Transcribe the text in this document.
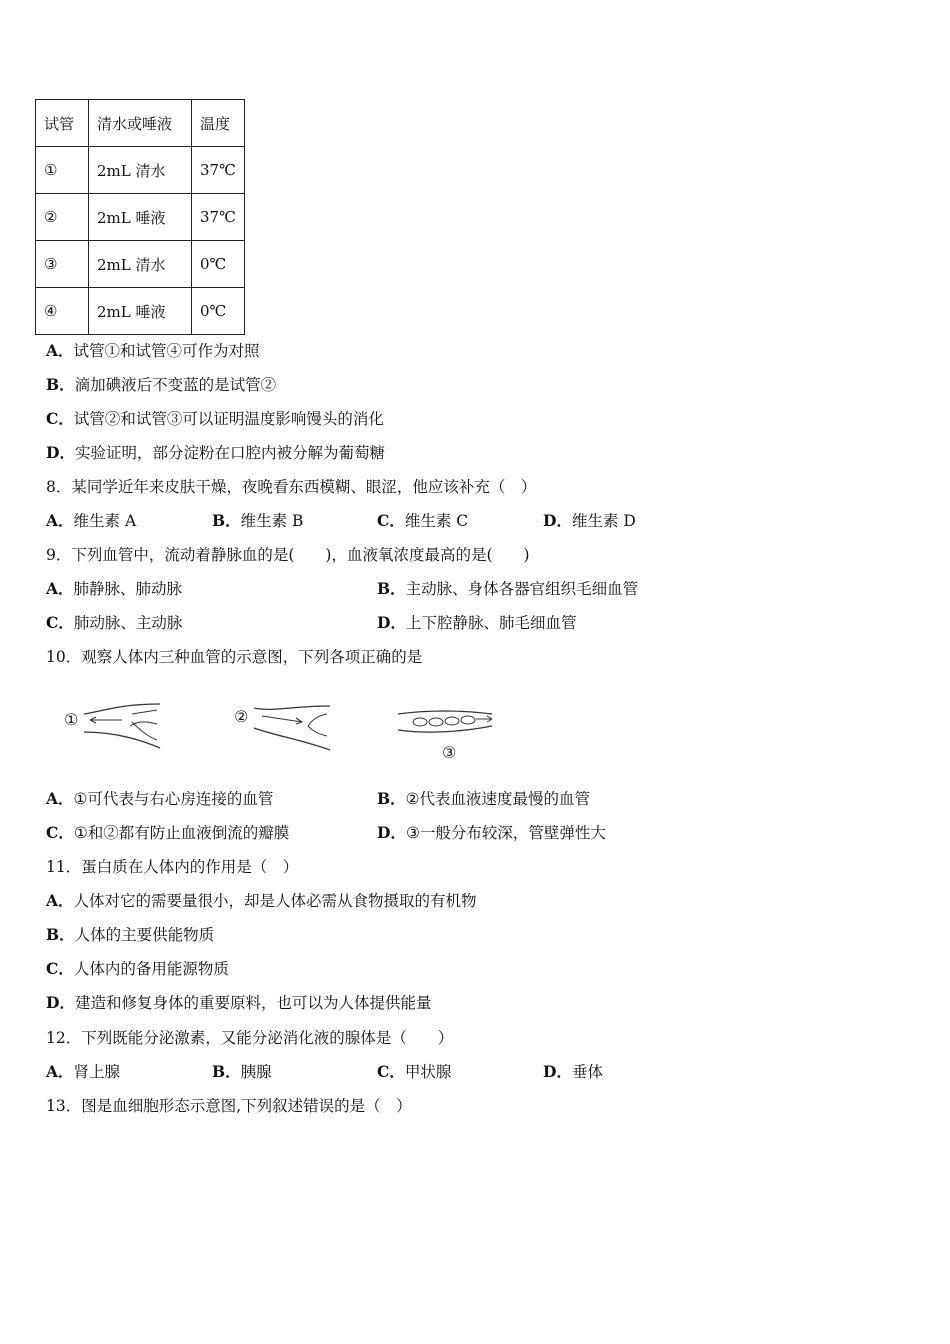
试管	清水或唾液	温度
①	2mL 清水	37℃
②	2mL 唾液	37℃
③	2mL 清水	0℃
④	2mL 唾液	0℃
A．试管①和试管④可作为对照
B．滴加碘液后不变蓝的是试管②
C．试管②和试管③可以证明温度影响馒头的消化
D．实验证明，部分淀粉在口腔内被分解为葡萄糖
8．某同学近年来皮肤干燥，夜晚看东西模糊、眼涩，他应该补充（　）
A．维生素 A	B．维生素 B	C．维生素 C	D．维生素 D
9．下列血管中，流动着静脉血的是(　　)，血液氧浓度最高的是(　　)
A．肺静脉、肺动脉	B．主动脉、身体各器官组织毛细血管
C．肺动脉、主动脉	D．上下腔静脉、肺毛细血管
10．观察人体内三种血管的示意图，下列各项正确的是
①	②
③
A．①可代表与右心房连接的血管	B．②代表血液速度最慢的血管
C．①和②都有防止血液倒流的瓣膜	D．③一般分布较深，管壁弹性大
11．蛋白质在人体内的作用是（　）
A．人体对它的需要量很小，却是人体必需从食物摄取的有机物
B．人体的主要供能物质
C．人体内的备用能源物质
D．建造和修复身体的重要原料，也可以为人体提供能量
12．下列既能分泌激素，又能分泌消化液的腺体是（　　）
A．肾上腺	B．胰腺	C．甲状腺	D．垂体
13．图是血细胞形态示意图,下列叙述错误的是（　）
